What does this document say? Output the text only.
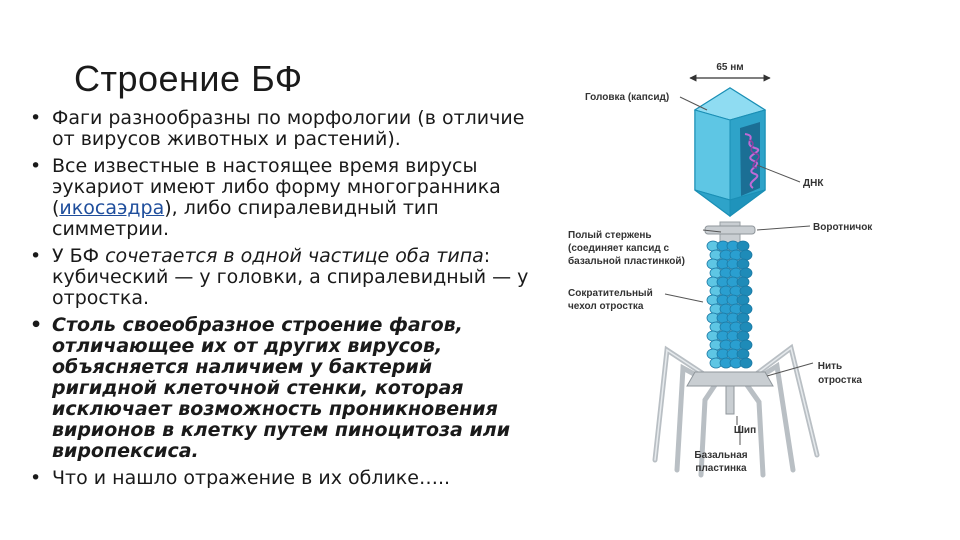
Строение БФ
• Фаги разнообразны по морфологии (в отличие от вирусов животных и растений).
• Все известные в настоящее время вирусы эукариот имеют либо форму многогранника (икосаэдра), либо спиралевидный тип симметрии.
• У БФ сочетается в одной частице оба типа: кубический — у головки, а спиралевидный — у отростка.
• Столь своеобразное строение фагов, отличающее их от других вирусов, объясняется наличием у бактерий ригидной клеточной стенки, которая исключает возможность проникновения вирионов в клетку путем пиноцитоза или виропексиса.
• Что и нашло отражение в их облике…..
65 нм
Головка (капсид)
ДНК
Воротничок
Полый стержень
(соединяет капсид с
базальной пластинкой)
Сократительный
чехол отростка
Нить
отростка
Шип
Базальная
пластинка
